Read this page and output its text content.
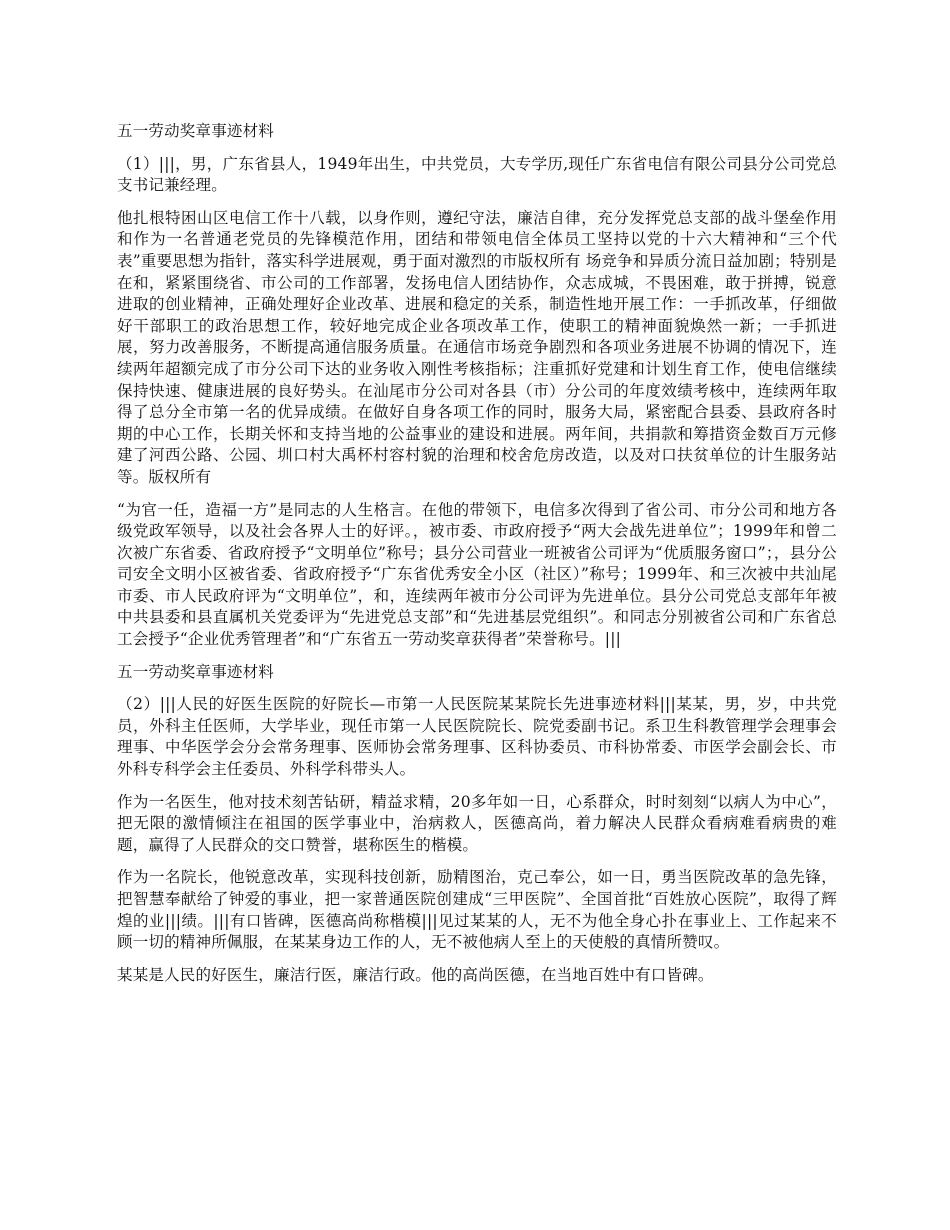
五一劳动奖章事迹材料

（1）|||，男，广东省县人，1949年出生，中共党员，大专学历,现任广东省电信有限公司县分公司党总支书记兼经理。

他扎根特困山区电信工作十八载，以身作则，遵纪守法，廉洁自律，充分发挥党总支部的战斗堡垒作用和作为一名普通老党员的先锋模范作用，团结和带领电信全体员工坚持以党的十六大精神和“三个代表”重要思想为指针，落实科学进展观，勇于面对激烈的市版权所有 场竞争和异质分流日益加剧；特别是在和，紧紧围绕省、市公司的工作部署，发扬电信人团结协作，众志成城，不畏困难，敢于拼搏，锐意进取的创业精神，正确处理好企业改革、进展和稳定的关系，制造性地开展工作：一手抓改革，仔细做好干部职工的政治思想工作，较好地完成企业各项改革工作，使职工的精神面貌焕然一新；一手抓进展，努力改善服务，不断提高通信服务质量。在通信市场竞争剧烈和各项业务进展不协调的情况下，连续两年超额完成了市分公司下达的业务收入刚性考核指标；注重抓好党建和计划生育工作，使电信继续保持快速、健康进展的良好势头。在汕尾市分公司对各县（市）分公司的年度效绩考核中，连续两年取得了总分全市第一名的优异成绩。在做好自身各项工作的同时，服务大局，紧密配合县委、县政府各时期的中心工作，长期关怀和支持当地的公益事业的建设和进展。两年间，共捐款和筹措资金数百万元修建了河西公路、公园、圳口村大禹杯村容村貌的治理和校舍危房改造，以及对口扶贫单位的计生服务站等。版权所有

“为官一任，造福一方”是同志的人生格言。在他的带领下，电信多次得到了省公司、市分公司和地方各级党政军领导，以及社会各界人士的好评。，被市委、市政府授予“两大会战先进单位”；1999年和曾二次被广东省委、省政府授予“文明单位”称号；县分公司营业一班被省公司评为“优质服务窗口”；，县分公司安全文明小区被省委、省政府授予“广东省优秀安全小区（社区）”称号；1999年、和三次被中共汕尾市委、市人民政府评为“文明单位”，和，连续两年被市分公司评为先进单位。县分公司党总支部年年被中共县委和县直属机关党委评为“先进党总支部”和“先进基层党组织”。和同志分别被省公司和广东省总工会授予“企业优秀管理者”和“广东省五一劳动奖章获得者”荣誉称号。|||

五一劳动奖章事迹材料

（2）|||人民的好医生医院的好院长—市第一人民医院某某院长先进事迹材料|||某某，男，岁，中共党员，外科主任医师，大学毕业，现任市第一人民医院院长、院党委副书记。系卫生科教管理学会理事会理事、中华医学会分会常务理事、医师协会常务理事、区科协委员、市科协常委、市医学会副会长、市外科专科学会主任委员、外科学科带头人。

作为一名医生，他对技术刻苦钻研，精益求精，20多年如一日，心系群众，时时刻刻“以病人为中心”，把无限的激情倾注在祖国的医学事业中，治病救人，医德高尚，着力解决人民群众看病难看病贵的难题，赢得了人民群众的交口赞誉，堪称医生的楷模。

作为一名院长，他锐意改革，实现科技创新，励精图治，克己奉公，如一日，勇当医院改革的急先锋，把智慧奉献给了钟爱的事业，把一家普通医院创建成“三甲医院”、全国首批“百姓放心医院”，取得了辉煌的业|||绩。|||有口皆碑，医德高尚称楷模|||见过某某的人，无不为他全身心扑在事业上、工作起来不顾一切的精神所佩服，在某某身边工作的人，无不被他病人至上的天使般的真情所赞叹。

某某是人民的好医生，廉洁行医，廉洁行政。他的高尚医德，在当地百姓中有口皆碑。
